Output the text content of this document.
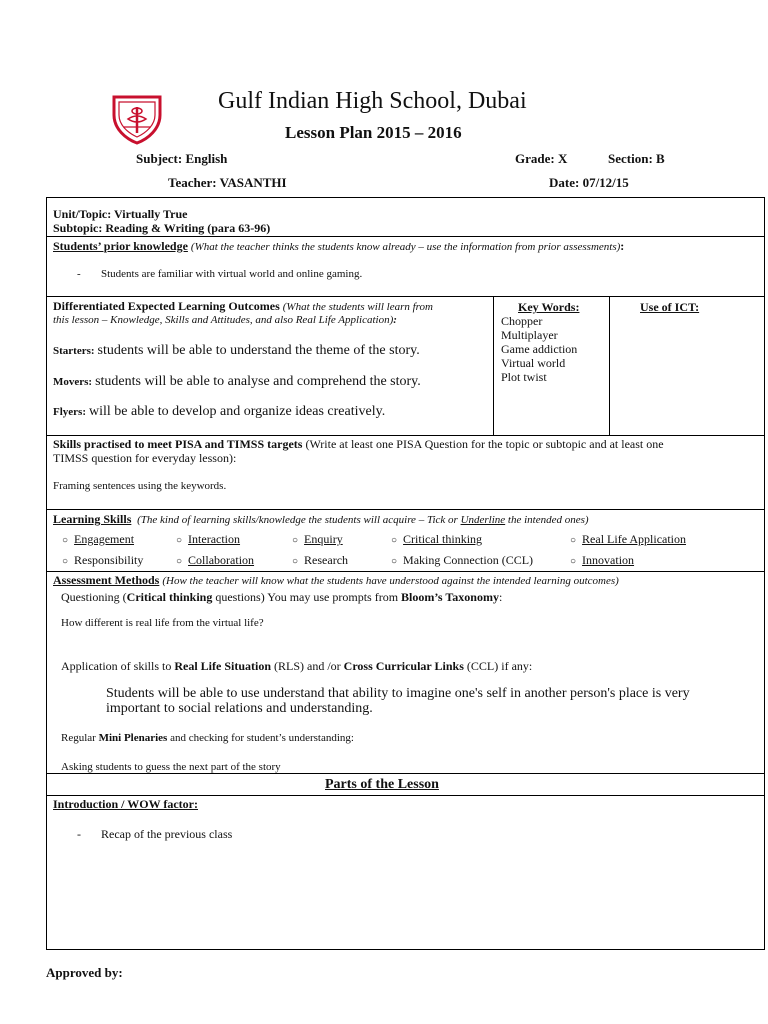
Gulf Indian High School, Dubai
Lesson Plan 2015 – 2016
Subject: English	Grade: X	Section: B
Teacher: VASANTHI	Date: 07/12/15
Unit/Topic: Virtually True
Subtopic: Reading & Writing (para 63-96)
Students’ prior knowledge (What the teacher thinks the students know already – use the information from prior assessments):
- Students are familiar with virtual world and online gaming.
Differentiated Expected Learning Outcomes (What the students will learn from
this lesson – Knowledge, Skills and Attitudes, and also Real Life Application):
Starters: students will be able to understand the theme of the story.
Movers: students will be able to analyse and comprehend the story.
Flyers: will be able to develop and organize ideas creatively.
Key Words:
Chopper
Multiplayer
Game addiction
Virtual world
Plot twist
Use of ICT:
Skills practised to meet PISA and TIMSS targets (Write at least one PISA Question for the topic or subtopic and at least one
TIMSS question for everyday lesson):
Framing sentences using the keywords.
Learning Skills (The kind of learning skills/knowledge the students will acquire – Tick or Underline the intended ones)
○ Engagement	○ Interaction	○ Enquiry	○ Critical thinking	○ Real Life Application
○ Responsibility	○ Collaboration	○ Research	○ Making Connection (CCL)	○ Innovation
Assessment Methods (How the teacher will know what the students have understood against the intended learning outcomes)
Questioning (Critical thinking questions) You may use prompts from Bloom’s Taxonomy:
How different is real life from the virtual life?
Application of skills to Real Life Situation (RLS) and /or Cross Curricular Links (CCL) if any:
Students will be able to use understand that ability to imagine one's self in another person's place is very
important to social relations and understanding.
Regular Mini Plenaries and checking for student’s understanding:
Asking students to guess the next part of the story
Parts of the Lesson
Introduction / WOW factor:
- Recap of the previous class
Approved by:
